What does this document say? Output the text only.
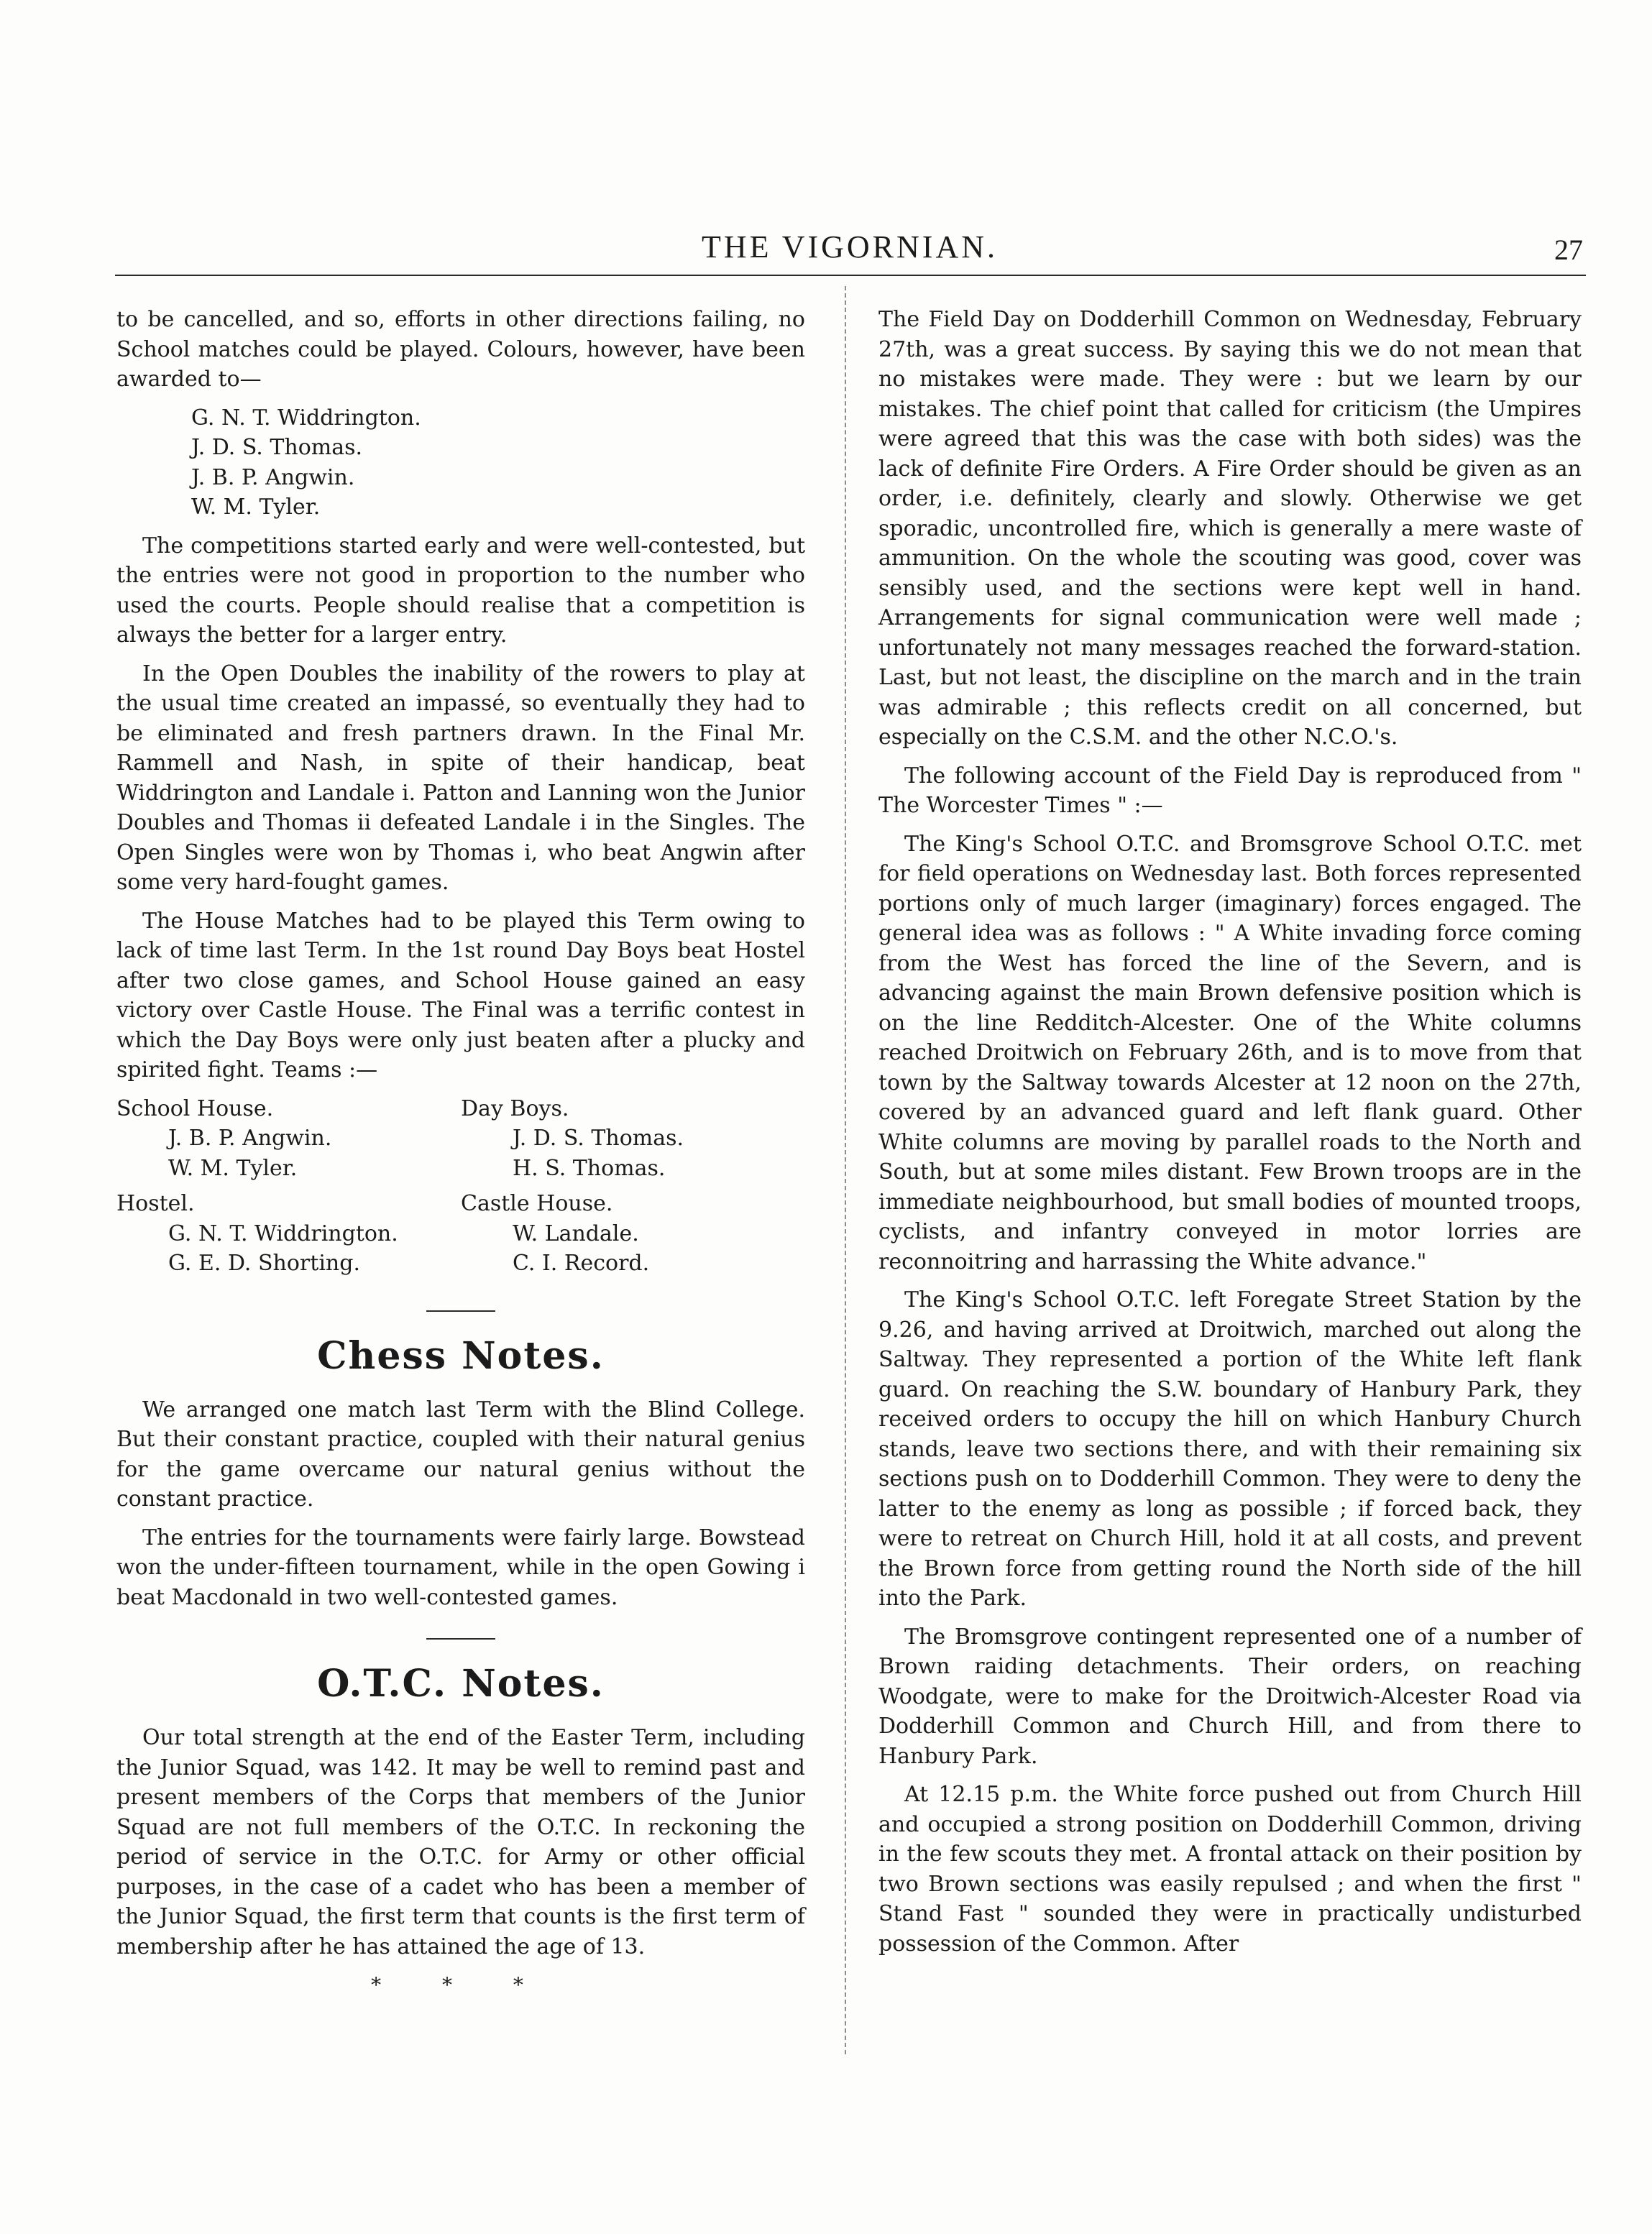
THE VIGORNIAN.	27

to be cancelled, and so, efforts in other directions failing, no School matches could be played. Colours, however, have been awarded to—

G. N. T. Widdrington.
J. D. S. Thomas.
J. B. P. Angwin.
W. M. Tyler.

The competitions started early and were well-contested, but the entries were not good in proportion to the number who used the courts. People should realise that a competition is always the better for a larger entry.

In the Open Doubles the inability of the rowers to play at the usual time created an impassé, so eventually they had to be eliminated and fresh partners drawn. In the Final Mr. Rammell and Nash, in spite of their handicap, beat Widdrington and Landale i. Patton and Lanning won the Junior Doubles and Thomas ii defeated Landale i in the Singles. The Open Singles were won by Thomas i, who beat Angwin after some very hard-fought games.

The House Matches had to be played this Term owing to lack of time last Term. In the 1st round Day Boys beat Hostel after two close games, and School House gained an easy victory over Castle House. The Final was a terrific contest in which the Day Boys were only just beaten after a plucky and spirited fight. Teams :—

School House.
J. B. P. Angwin.
W. M. Tyler.
Hostel.
G. N. T. Widdrington.
G. E. D. Shorting.
Day Boys.
J. D. S. Thomas.
H. S. Thomas.
Castle House.
W. Landale.
C. I. Record.
Chess Notes.

We arranged one match last Term with the Blind College. But their constant practice, coupled with their natural genius for the game overcame our natural genius without the constant practice.

The entries for the tournaments were fairly large. Bowstead won the under-fifteen tournament, while in the open Gowing i beat Macdonald in two well-contested games.

O.T.C. Notes.

Our total strength at the end of the Easter Term, including the Junior Squad, was 142. It may be well to remind past and present members of the Corps that members of the Junior Squad are not full members of the O.T.C. In reckoning the period of service in the O.T.C. for Army or other official purposes, in the case of a cadet who has been a member of the Junior Squad, the first term that counts is the first term of membership after he has attained the age of 13.

* * *

The Field Day on Dodderhill Common on Wednesday, February 27th, was a great success. By saying this we do not mean that no mistakes were made. They were : but we learn by our mistakes. The chief point that called for criticism (the Umpires were agreed that this was the case with both sides) was the lack of definite Fire Orders. A Fire Order should be given as an order, i.e. definitely, clearly and slowly. Otherwise we get sporadic, uncontrolled fire, which is generally a mere waste of ammunition. On the whole the scouting was good, cover was sensibly used, and the sections were kept well in hand. Arrangements for signal communication were well made ; unfortunately not many messages reached the forward-station. Last, but not least, the discipline on the march and in the train was admirable ; this reflects credit on all concerned, but especially on the C.S.M. and the other N.C.O.'s.

The following account of the Field Day is reproduced from " The Worcester Times " :—

The King's School O.T.C. and Bromsgrove School O.T.C. met for field operations on Wednesday last. Both forces represented portions only of much larger (imaginary) forces engaged. The general idea was as follows : " A White invading force coming from the West has forced the line of the Severn, and is advancing against the main Brown defensive position which is on the line Redditch-Alcester. One of the White columns reached Droitwich on February 26th, and is to move from that town by the Saltway towards Alcester at 12 noon on the 27th, covered by an advanced guard and left flank guard. Other White columns are moving by parallel roads to the North and South, but at some miles distant. Few Brown troops are in the immediate neighbourhood, but small bodies of mounted troops, cyclists, and infantry conveyed in motor lorries are reconnoitring and harrassing the White advance."

The King's School O.T.C. left Foregate Street Station by the 9.26, and having arrived at Droitwich, marched out along the Saltway. They represented a portion of the White left flank guard. On reaching the S.W. boundary of Hanbury Park, they received orders to occupy the hill on which Hanbury Church stands, leave two sections there, and with their remaining six sections push on to Dodderhill Common. They were to deny the latter to the enemy as long as possible ; if forced back, they were to retreat on Church Hill, hold it at all costs, and prevent the Brown force from getting round the North side of the hill into the Park.

The Bromsgrove contingent represented one of a number of Brown raiding detachments. Their orders, on reaching Woodgate, were to make for the Droitwich-Alcester Road via Dodderhill Common and Church Hill, and from there to Hanbury Park.

At 12.15 p.m. the White force pushed out from Church Hill and occupied a strong position on Dodderhill Common, driving in the few scouts they met. A frontal attack on their position by two Brown sections was easily repulsed ; and when the first " Stand Fast " sounded they were in practically undisturbed possession of the Common. After
